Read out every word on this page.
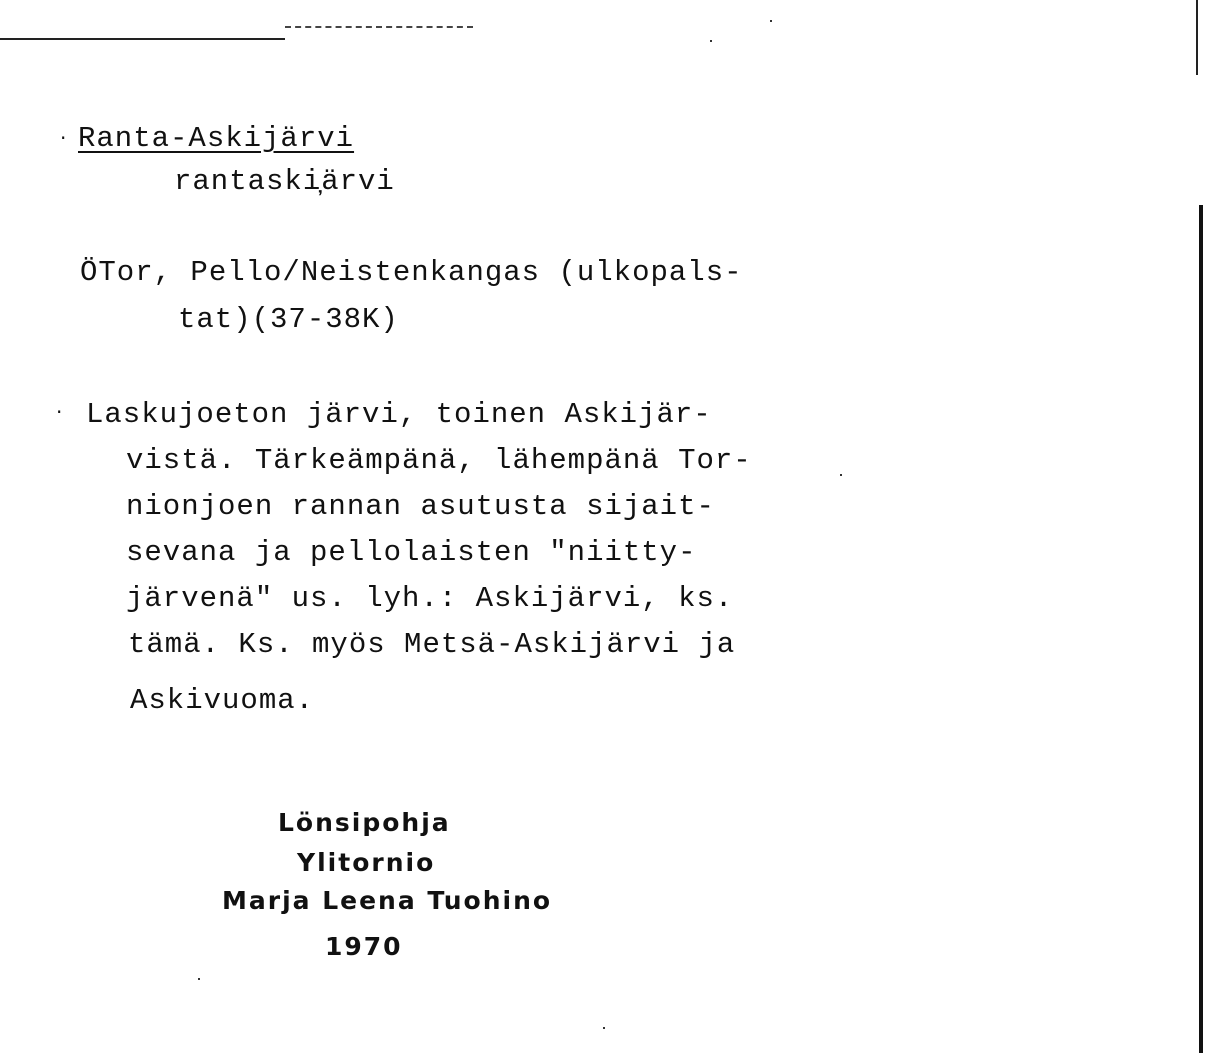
· Ranta-Askijärvi
rantaski̦ärvi
ÖTor, Pello/Neistenkangas (ulkopals-
tat)(37-38K)
· Laskujoeton järvi, toinen Askijär-
vistä. Tärkeämpänä, lähempänä Tor-
nionjoen rannan asutusta sijait-
sevana ja pellolaisten "niitty-
järvenä" us. lyh.: Askijärvi, ks.
tämä. Ks. myös Metsä-Askijärvi ja
Askivuoma.
Lönsipohja
Ylitornio
Marja Leena Tuohino
1970
